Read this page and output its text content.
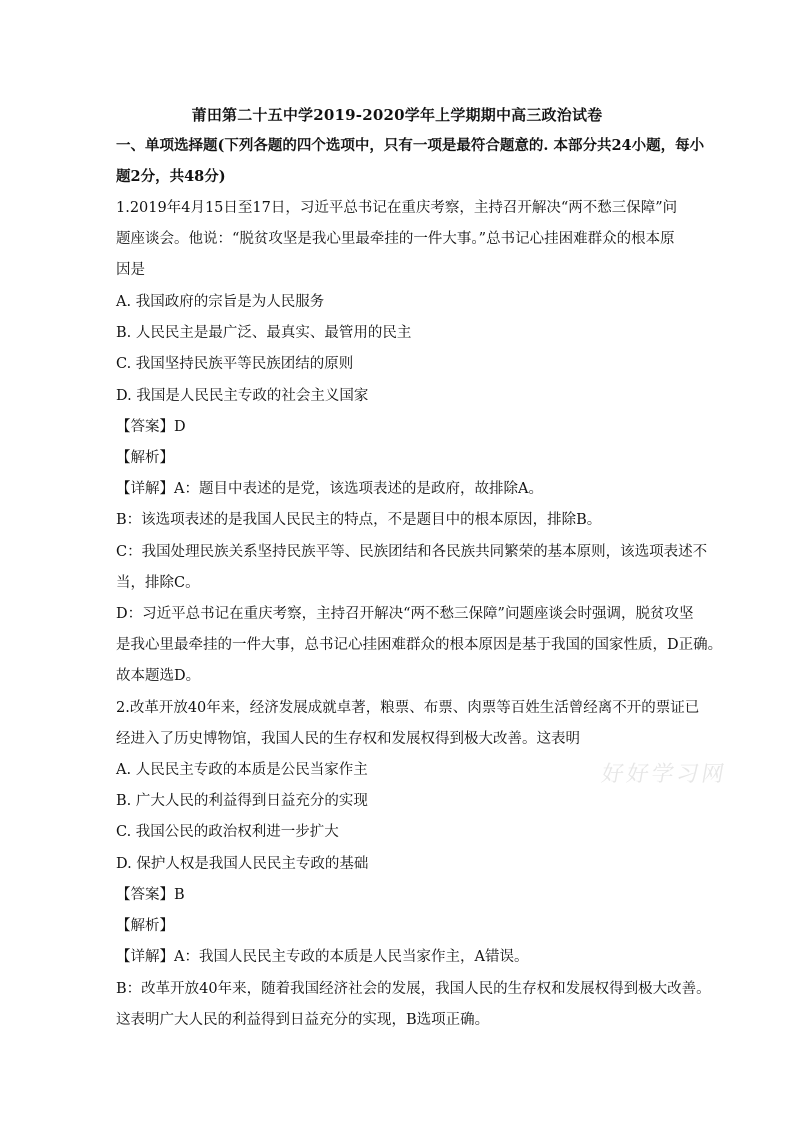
莆田第二十五中学2019-2020学年上学期期中高三政治试卷
一、单项选择题(下列各题的四个选项中，只有一项是最符合题意的. 本部分共24小题，每小
题2分，共48分)
1.2019年4月15日至17日，习近平总书记在重庆考察，主持召开解决“两不愁三保障”问
题座谈会。他说：“脱贫攻坚是我心里最牵挂的一件大事。”总书记心挂困难群众的根本原
因是
A. 我国政府的宗旨是为人民服务
B. 人民民主是最广泛、最真实、最管用的民主
C. 我国坚持民族平等民族团结的原则
D. 我国是人民民主专政的社会主义国家
【答案】D
【解析】
【详解】A：题目中表述的是党，该选项表述的是政府，故排除A。
B：该选项表述的是我国人民民主的特点，不是题目中的根本原因，排除B。
C：我国处理民族关系坚持民族平等、民族团结和各民族共同繁荣的基本原则，该选项表述不
当，排除C。
D：习近平总书记在重庆考察，主持召开解决“两不愁三保障”问题座谈会时强调，脱贫攻坚
是我心里最牵挂的一件大事，总书记心挂困难群众的根本原因是基于我国的国家性质，D正确。
故本题选D。
2.改革开放40年来，经济发展成就卓著，粮票、布票、肉票等百姓生活曾经离不开的票证已
经进入了历史博物馆，我国人民的生存权和发展权得到极大改善。这表明
A. 人民民主专政的本质是公民当家作主
B. 广大人民的利益得到日益充分的实现
C. 我国公民的政治权利进一步扩大
D. 保护人权是我国人民民主专政的基础
【答案】B
【解析】
【详解】A：我国人民民主专政的本质是人民当家作主，A错误。
B：改革开放40年来，随着我国经济社会的发展，我国人民的生存权和发展权得到极大改善。
这表明广大人民的利益得到日益充分的实现，B选项正确。
好好学习网
